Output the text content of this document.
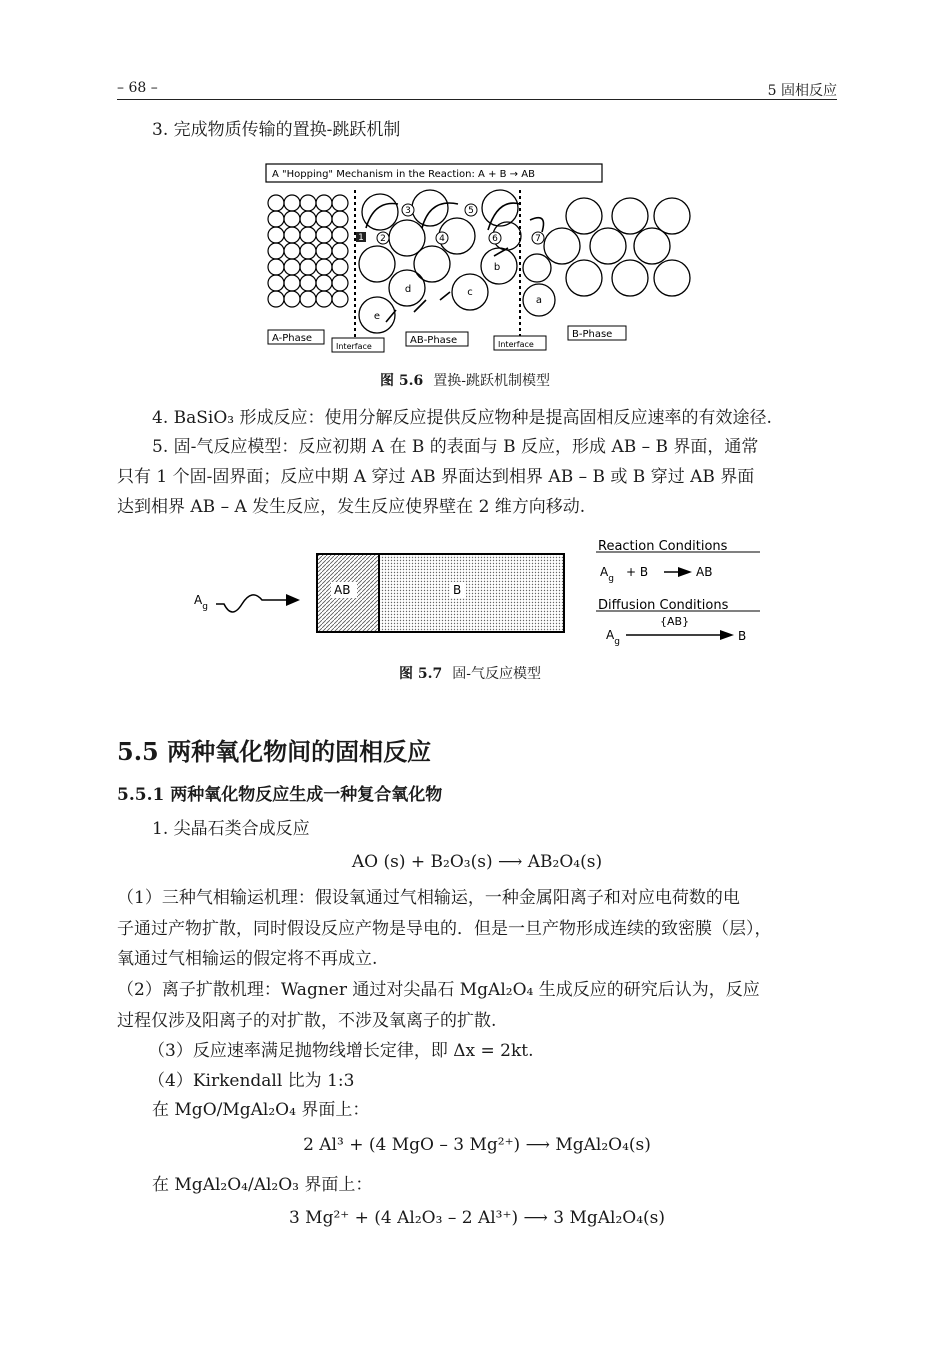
– 68 –	5 固相反应
3. 完成物质传输的置换-跳跃机制
A "Hopping" Mechanism in the Reaction: A + B → AB
1 2
3
4
5
6	7
a
b
c
d
e
A-Phase
Interface
AB-Phase	Interface
B-Phase
图 5.6 置换-跳跃机制模型
4. BaSiO₃ 形成反应：使用分解反应提供反应物种是提高固相反应速率的有效途径.
5. 固-气反应模型：反应初期 A 在 B 的表面与 B 反应，形成 AB – B 界面，通常
只有 1 个固-固界面；反应中期 A 穿过 AB 界面达到相界 AB – B 或 B 穿过 AB 界面
达到相界 AB – A 发生反应，发生反应使界壁在 2 维方向移动.
$A_g$
AB	B
Reaction Conditions
$A_g + B$	AB
Diffusion Conditions
{AB}
$A_g$	B
图 5.7 固-气反应模型
5.5 两种氧化物间的固相反应
5.5.1 两种氧化物反应生成一种复合氧化物
1. 尖晶石类合成反应
AO (s) + B₂O₃(s) ⟶ AB₂O₄(s)
（1）三种气相输运机理：假设氧通过气相输运，一种金属阳离子和对应电荷数的电
子通过产物扩散，同时假设反应产物是导电的．但是一旦产物形成连续的致密膜（层），
氧通过气相输运的假定将不再成立.
（2）离子扩散机理：Wagner 通过对尖晶石 MgAl₂O₄ 生成反应的研究后认为，反应
过程仅涉及阳离子的对扩散，不涉及氧离子的扩散.
（3）反应速率满足抛物线增长定律，即 Δx = 2kt.
（4）Kirkendall 比为 1:3
在 MgO/MgAl₂O₄ 界面上：
2 Al³ + (4 MgO – 3 Mg²⁺) ⟶ MgAl₂O₄(s)
在 MgAl₂O₄/Al₂O₃ 界面上：
3 Mg²⁺ + (4 Al₂O₃ – 2 Al³⁺) ⟶ 3 MgAl₂O₄(s)
